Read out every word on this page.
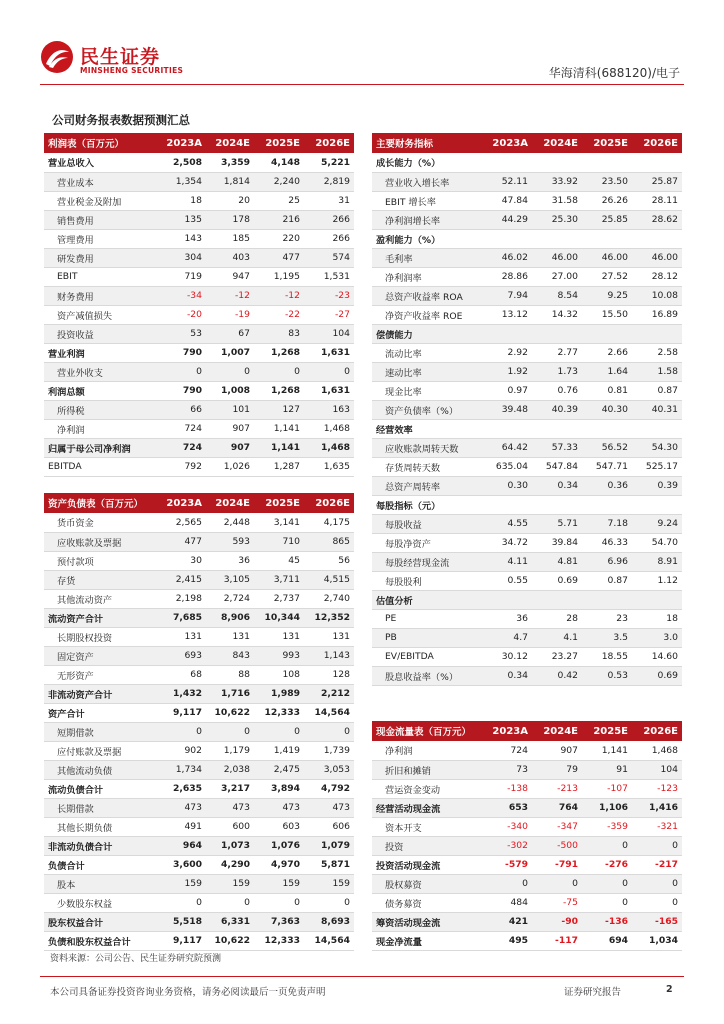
民生证券
MINSHENG SECURITIES	华海清科(688120)/电子
公司财务报表数据预测汇总
利润表（百万元）	2023A	2024E	2025E	2026E
营业总收入	2,508	3,359	4,148	5,221
营业成本	1,354	1,814	2,240	2,819
营业税金及附加	18	20	25	31
销售费用	135	178	216	266
管理费用	143	185	220	266
研发费用	304	403	477	574
EBIT	719	947	1,195	1,531
财务费用	-34	-12	-12	-23
资产减值损失	-20	-19	-22	-27
投资收益	53	67	83	104
营业利润	790	1,007	1,268	1,631
营业外收支	0	0	0	0
利润总额	790	1,008	1,268	1,631
所得税	66	101	127	163
净利润	724	907	1,141	1,468
归属于母公司净利润	724	907	1,141	1,468
EBITDA	792	1,026	1,287	1,635
主要财务指标	2023A	2024E	2025E	2026E
成长能力（%）				
营业收入增长率	52.11	33.92	23.50	25.87
EBIT 增长率	47.84	31.58	26.26	28.11
净利润增长率	44.29	25.30	25.85	28.62
盈利能力（%）				
毛利率	46.02	46.00	46.00	46.00
净利润率	28.86	27.00	27.52	28.12
总资产收益率 ROA	7.94	8.54	9.25	10.08
净资产收益率 ROE	13.12	14.32	15.50	16.89
偿债能力				
流动比率	2.92	2.77	2.66	2.58
速动比率	1.92	1.73	1.64	1.58
现金比率	0.97	0.76	0.81	0.87
资产负债率（%）	39.48	40.39	40.30	40.31
经营效率				
应收账款周转天数	64.42	57.33	56.52	54.30
存货周转天数	635.04	547.84	547.71	525.17
总资产周转率	0.30	0.34	0.36	0.39
每股指标（元）				
每股收益	4.55	5.71	7.18	9.24
每股净资产	34.72	39.84	46.33	54.70
每股经营现金流	4.11	4.81	6.96	8.91
每股股利	0.55	0.69	0.87	1.12
估值分析				
PE	36	28	23	18
PB	4.7	4.1	3.5	3.0
EV/EBITDA	30.12	23.27	18.55	14.60
股息收益率（%）	0.34	0.42	0.53	0.69
资产负债表（百万元）	2023A	2024E	2025E	2026E
货币资金	2,565	2,448	3,141	4,175
应收账款及票据	477	593	710	865
预付款项	30	36	45	56
存货	2,415	3,105	3,711	4,515
其他流动资产	2,198	2,724	2,737	2,740
流动资产合计	7,685	8,906	10,344	12,352
长期股权投资	131	131	131	131
固定资产	693	843	993	1,143
无形资产	68	88	108	128
非流动资产合计	1,432	1,716	1,989	2,212
资产合计	9,117	10,622	12,333	14,564
短期借款	0	0	0	0
应付账款及票据	902	1,179	1,419	1,739
其他流动负债	1,734	2,038	2,475	3,053
流动负债合计	2,635	3,217	3,894	4,792
长期借款	473	473	473	473
其他长期负债	491	600	603	606
非流动负债合计	964	1,073	1,076	1,079
负债合计	3,600	4,290	4,970	5,871
股本	159	159	159	159
少数股东权益	0	0	0	0
股东权益合计	5,518	6,331	7,363	8,693
负债和股东权益合计	9,117	10,622	12,333	14,564
现金流量表（百万元）	2023A	2024E	2025E	2026E
净利润	724	907	1,141	1,468
折旧和摊销	73	79	91	104
营运资金变动	-138	-213	-107	-123
经营活动现金流	653	764	1,106	1,416
资本开支	-340	-347	-359	-321
投资	-302	-500	0	0
投资活动现金流	-579	-791	-276	-217
股权募资	0	0	0	0
债务募资	484	-75	0	0
筹资活动现金流	421	-90	-136	-165
现金净流量	495	-117	694	1,034
资料来源：公司公告、民生证券研究院预测
本公司具备证券投资咨询业务资格，请务必阅读最后一页免责声明	证券研究报告	2
